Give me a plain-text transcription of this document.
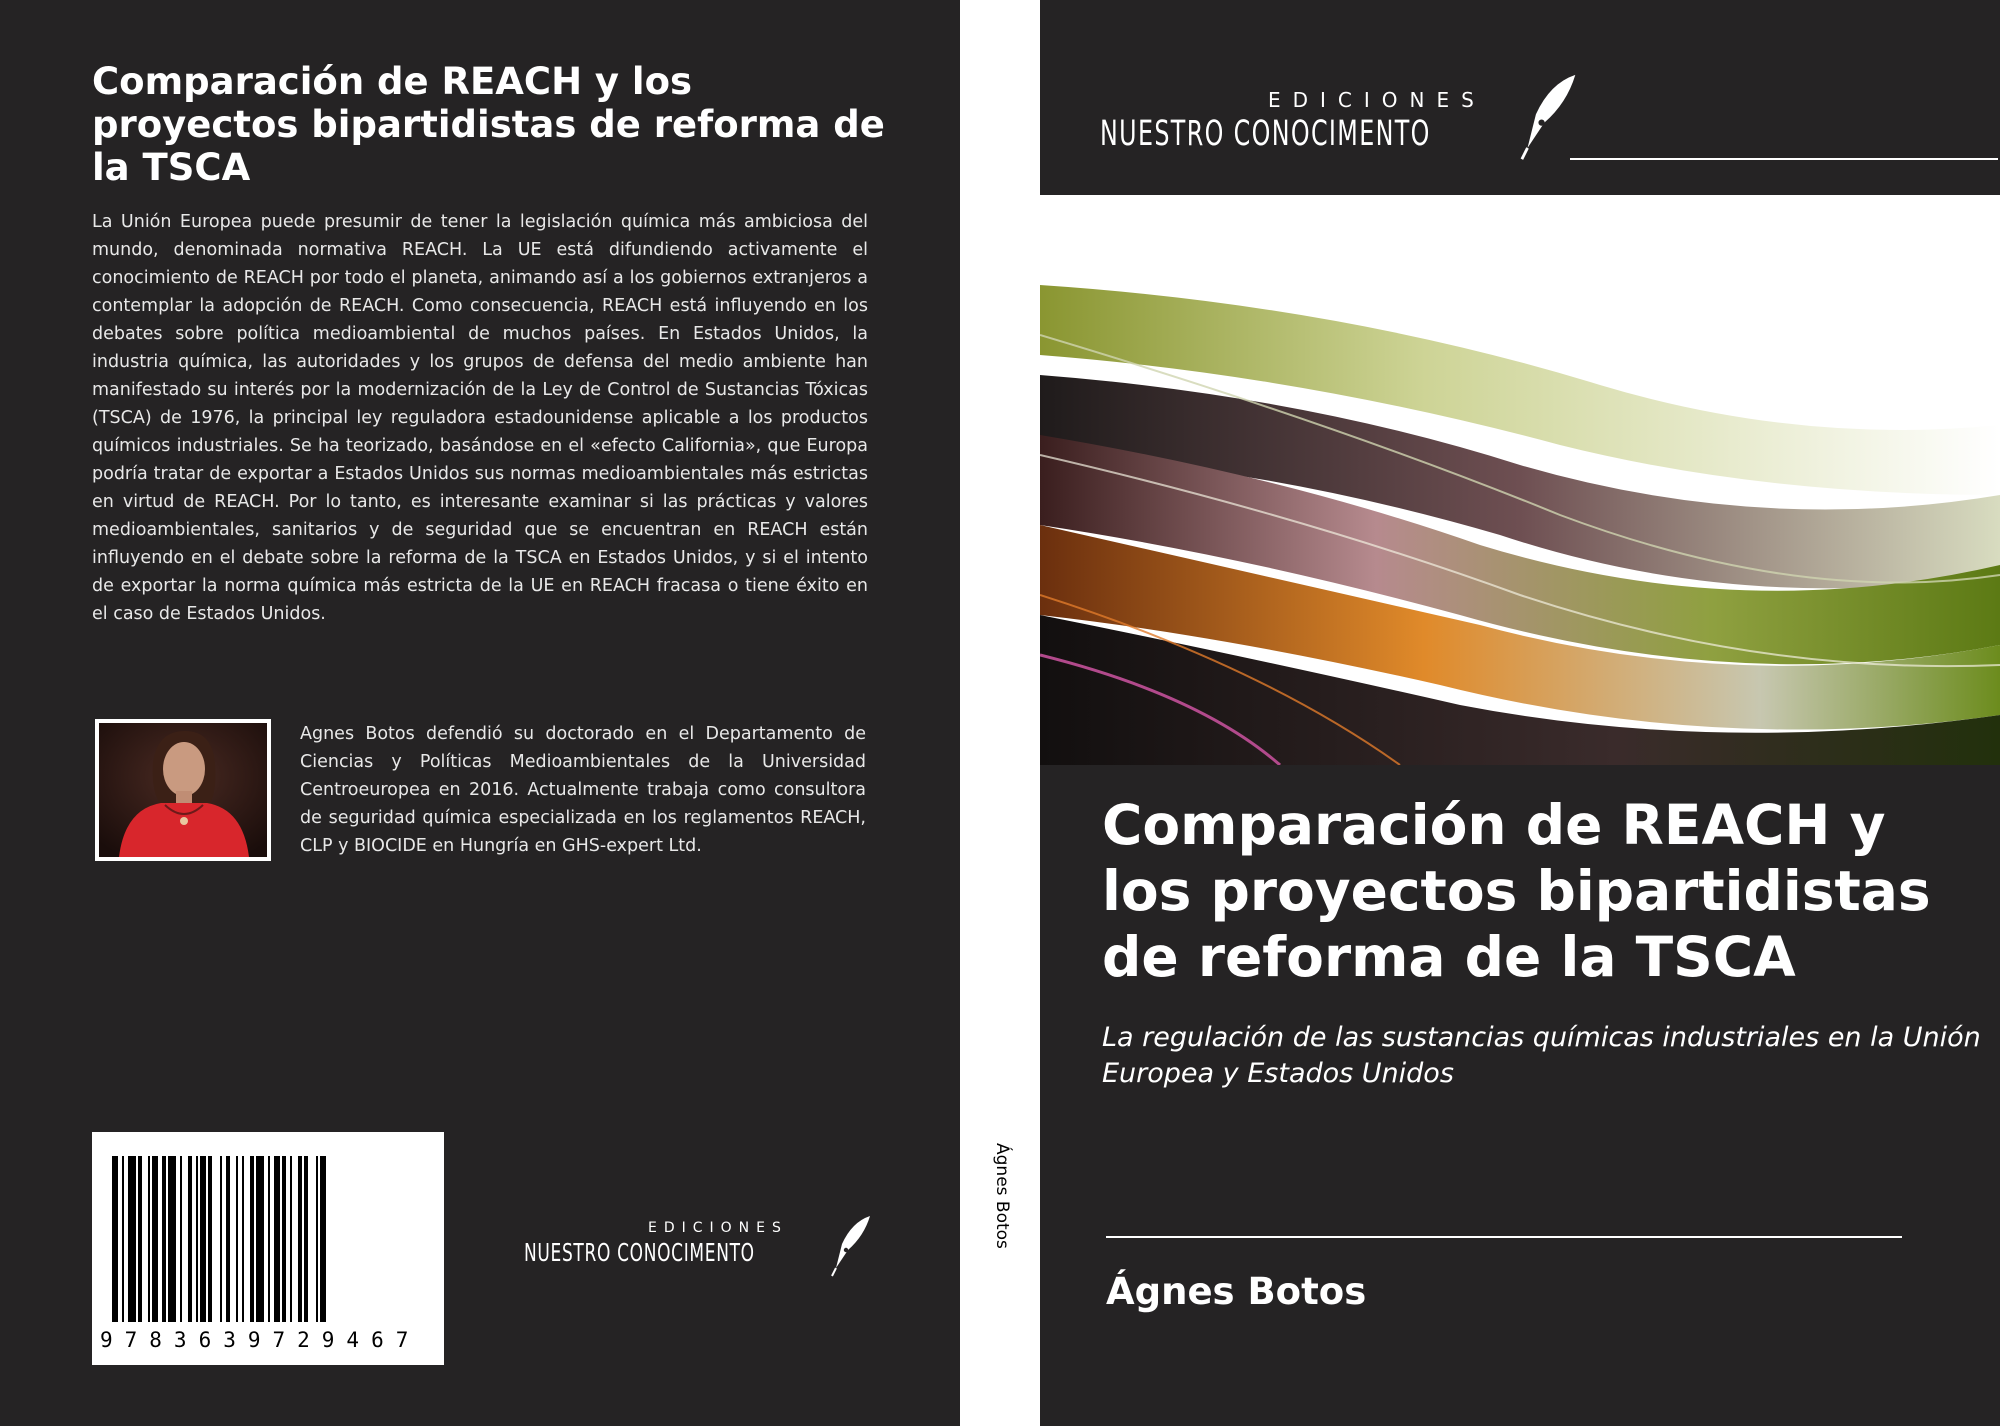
Comparación de REACH y los proyectos bipartidistas de reforma de la TSCA

La Unión Europea puede presumir de tener la legislación química más ambiciosa del mundo, denominada normativa REACH. La UE está difundiendo activamente el conocimiento de REACH por todo el planeta, animando así a los gobiernos extranjeros a contemplar la adopción de REACH. Como consecuencia, REACH está influyendo en los debates sobre política medioambiental de muchos países. En Estados Unidos, la industria química, las autoridades y los grupos de defensa del medio ambiente han manifestado su interés por la modernización de la Ley de Control de Sustancias Tóxicas (TSCA) de 1976, la principal ley reguladora estadounidense aplicable a los productos químicos industriales. Se ha teorizado, basándose en el «efecto California», que Europa podría tratar de exportar a Estados Unidos sus normas medioambientales más estrictas en virtud de REACH. Por lo tanto, es interesante examinar si las prácticas y valores medioambientales, sanitarios y de seguridad que se encuentran en REACH están influyendo en el debate sobre la reforma de la TSCA en Estados Unidos, y si el intento de exportar la norma química más estricta de la UE en REACH fracasa o tiene éxito en el caso de Estados Unidos.

Agnes Botos defendió su doctorado en el Departamento de Ciencias y Políticas Medioambientales de la Universidad Centroeuropea en 2016. Actualmente trabaja como consultora de seguridad química especializada en los reglamentos REACH, CLP y BIOCIDE en Hungría en GHS-expert Ltd.

9783639729467
EDICIONES
NUESTRO CONOCIMENTO
Ágnes Botos
EDICIONES
NUESTRO CONOCIMENTO
Comparación de REACH y los proyectos bipartidistas de reforma de la TSCA
La regulación de las sustancias químicas industriales en la Unión Europea y Estados Unidos
Ágnes Botos
